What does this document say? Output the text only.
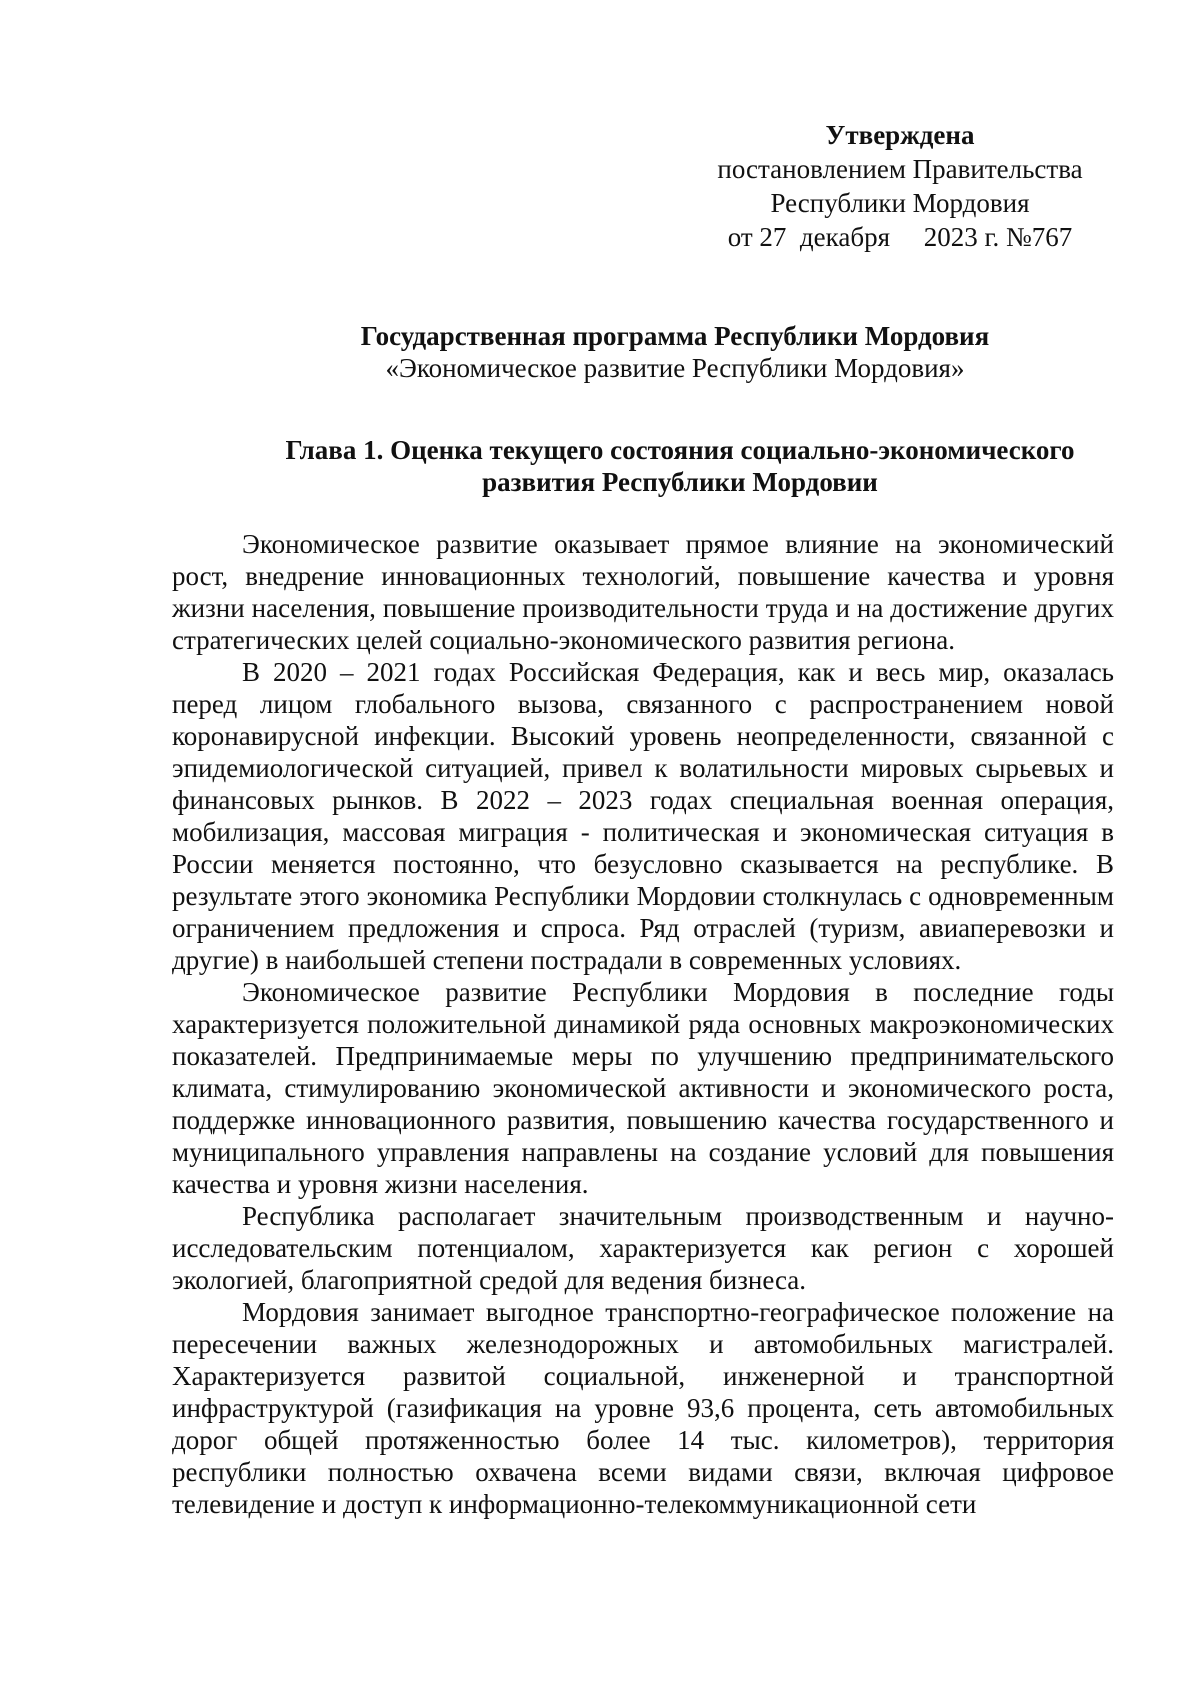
Утверждена
постановлением Правительства
Республики Мордовия
от 27  декабря     2023 г. №767
Государственная программа Республики Мордовия
«Экономическое развитие Республики Мордовия»
Глава 1. Оценка текущего состояния социально-экономического
развития Республики Мордовии

Экономическое развитие оказывает прямое влияние на экономический рост, внедрение инновационных технологий, повышение качества и уровня жизни населения, повышение производительности труда и на достижение других стратегических целей социально-экономического развития региона.

В 2020 – 2021 годах Российская Федерация, как и весь мир, оказалась перед лицом глобального вызова, связанного с распространением новой коронавирусной инфекции. Высокий уровень неопределенности, связанной с эпидемиологической ситуацией, привел к волатильности мировых сырьевых и финансовых рынков. В 2022 – 2023 годах специальная военная операция, мобилизация, массовая миграция - политическая и экономическая ситуация в России меняется постоянно, что безусловно сказывается на республике. В результате этого экономика Республики Мордовии столкнулась с одновременным ограничением предложения и спроса. Ряд отраслей (туризм, авиаперевозки и другие) в наибольшей степени пострадали в современных условиях.

Экономическое развитие Республики Мордовия в последние годы характеризуется положительной динамикой ряда основных макроэкономических показателей. Предпринимаемые меры по улучшению предпринимательского климата, стимулированию экономической активности и экономического роста, поддержке инновационного развития, повышению качества государственного и муниципального управления направлены на создание условий для повышения качества и уровня жизни населения.

Республика располагает значительным производственным и научно-исследовательским потенциалом, характеризуется как регион с хорошей экологией, благоприятной средой для ведения бизнеса.

Мордовия занимает выгодное транспортно-географическое положение на пересечении важных железнодорожных и автомобильных магистралей. Характеризуется развитой социальной, инженерной и транспортной инфраструктурой (газификация на уровне 93,6 процента, сеть автомобильных дорог общей протяженностью более 14 тыс. километров), территория республики полностью охвачена всеми видами связи, включая цифровое телевидение и доступ к информационно-телекоммуникационной сети
